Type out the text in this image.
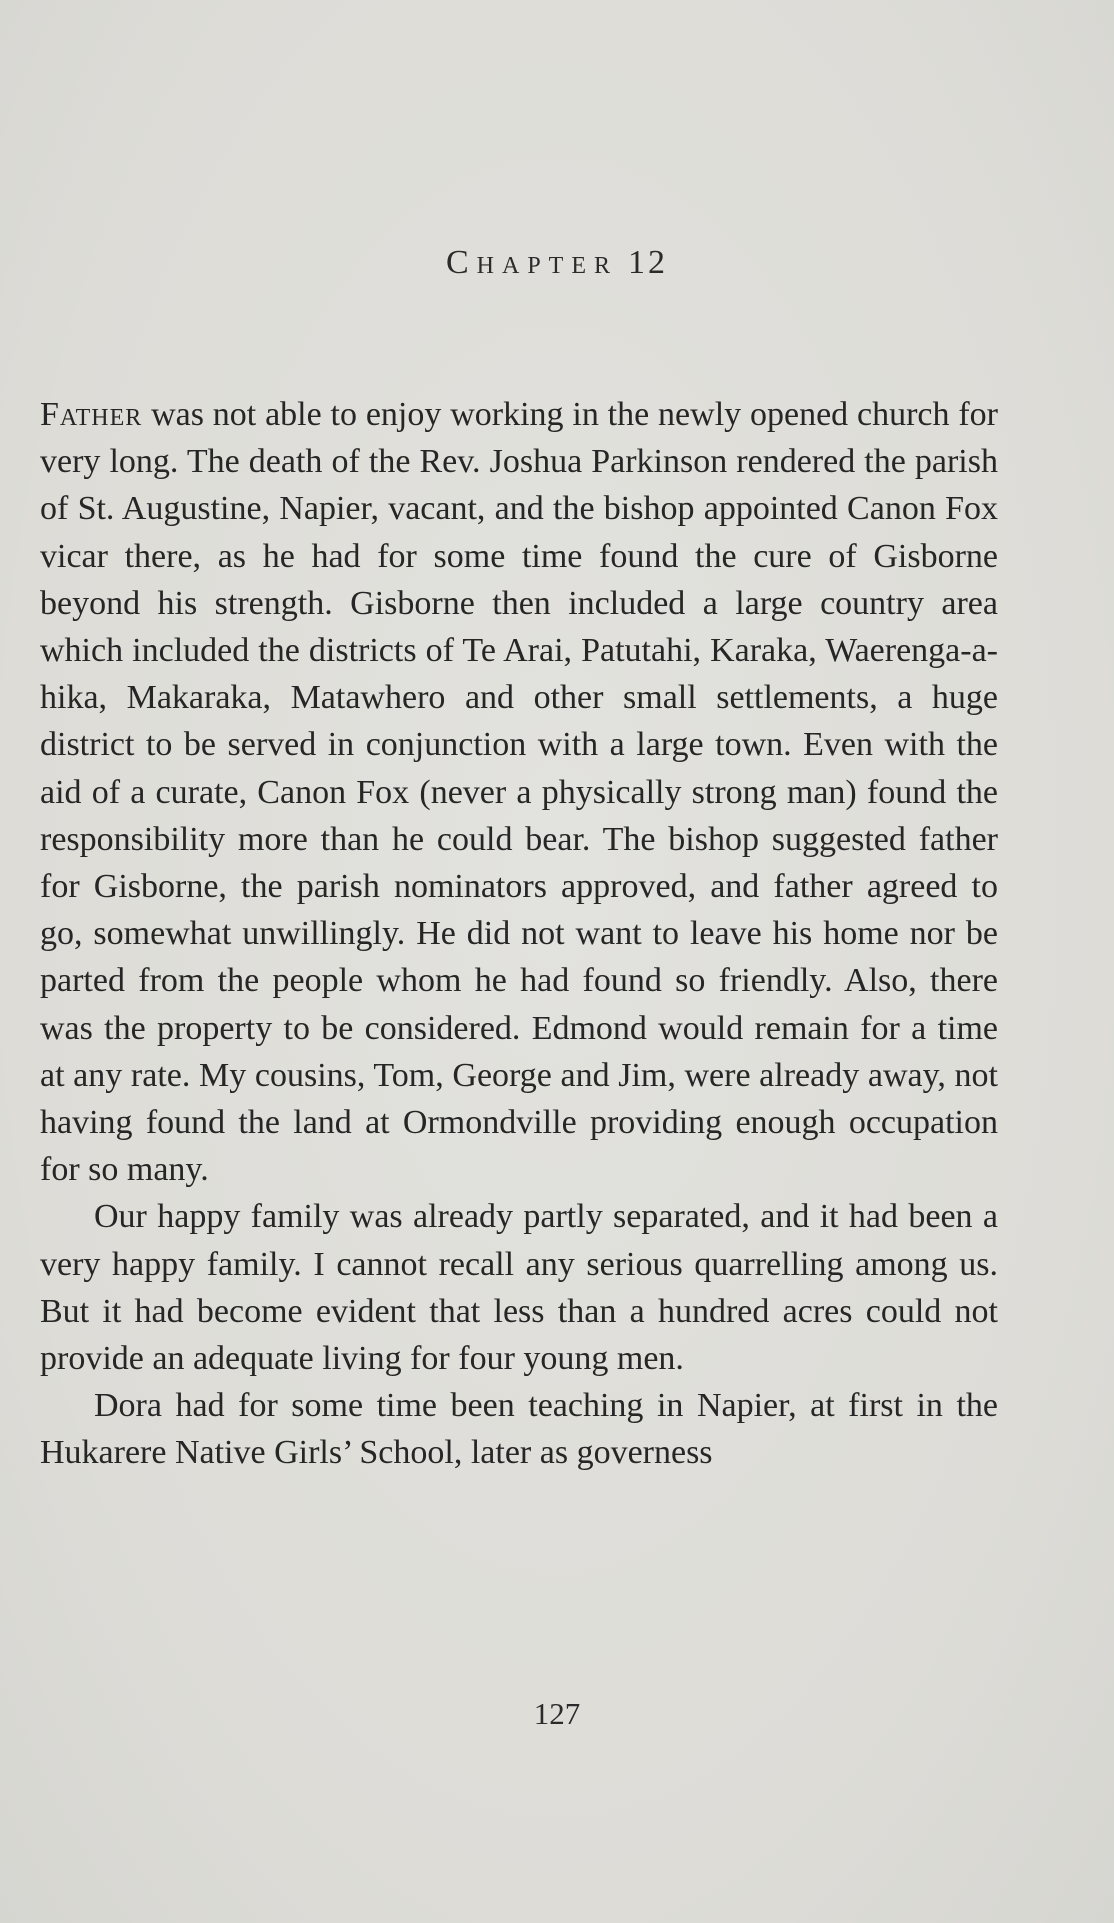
Chapter 12

Father was not able to enjoy working in the newly opened church for very long. The death of the Rev. Joshua Parkinson rendered the parish of St. Augustine, Napier, vacant, and the bishop appointed Canon Fox vicar there, as he had for some time found the cure of Gisborne beyond his strength. Gisborne then included a large country area which included the districts of Te Arai, Patutahi, Karaka, Waerenga-a-hika, Makaraka, Matawhero and other small settlements, a huge district to be served in conjunction with a large town. Even with the aid of a curate, Canon Fox (never a physically strong man) found the responsibility more than he could bear. The bishop suggested father for Gisborne, the parish nominators approved, and father agreed to go, somewhat unwillingly. He did not want to leave his home nor be parted from the people whom he had found so friendly. Also, there was the property to be considered. Edmond would remain for a time at any rate. My cousins, Tom, George and Jim, were already away, not having found the land at Ormondville providing enough occupation for so many.

Our happy family was already partly separated, and it had been a very happy family. I cannot recall any serious quarrelling among us. But it had become evident that less than a hundred acres could not provide an adequate living for four young men.

Dora had for some time been teaching in Napier, at first in the Hukarere Native Girls’ School, later as governess

127
